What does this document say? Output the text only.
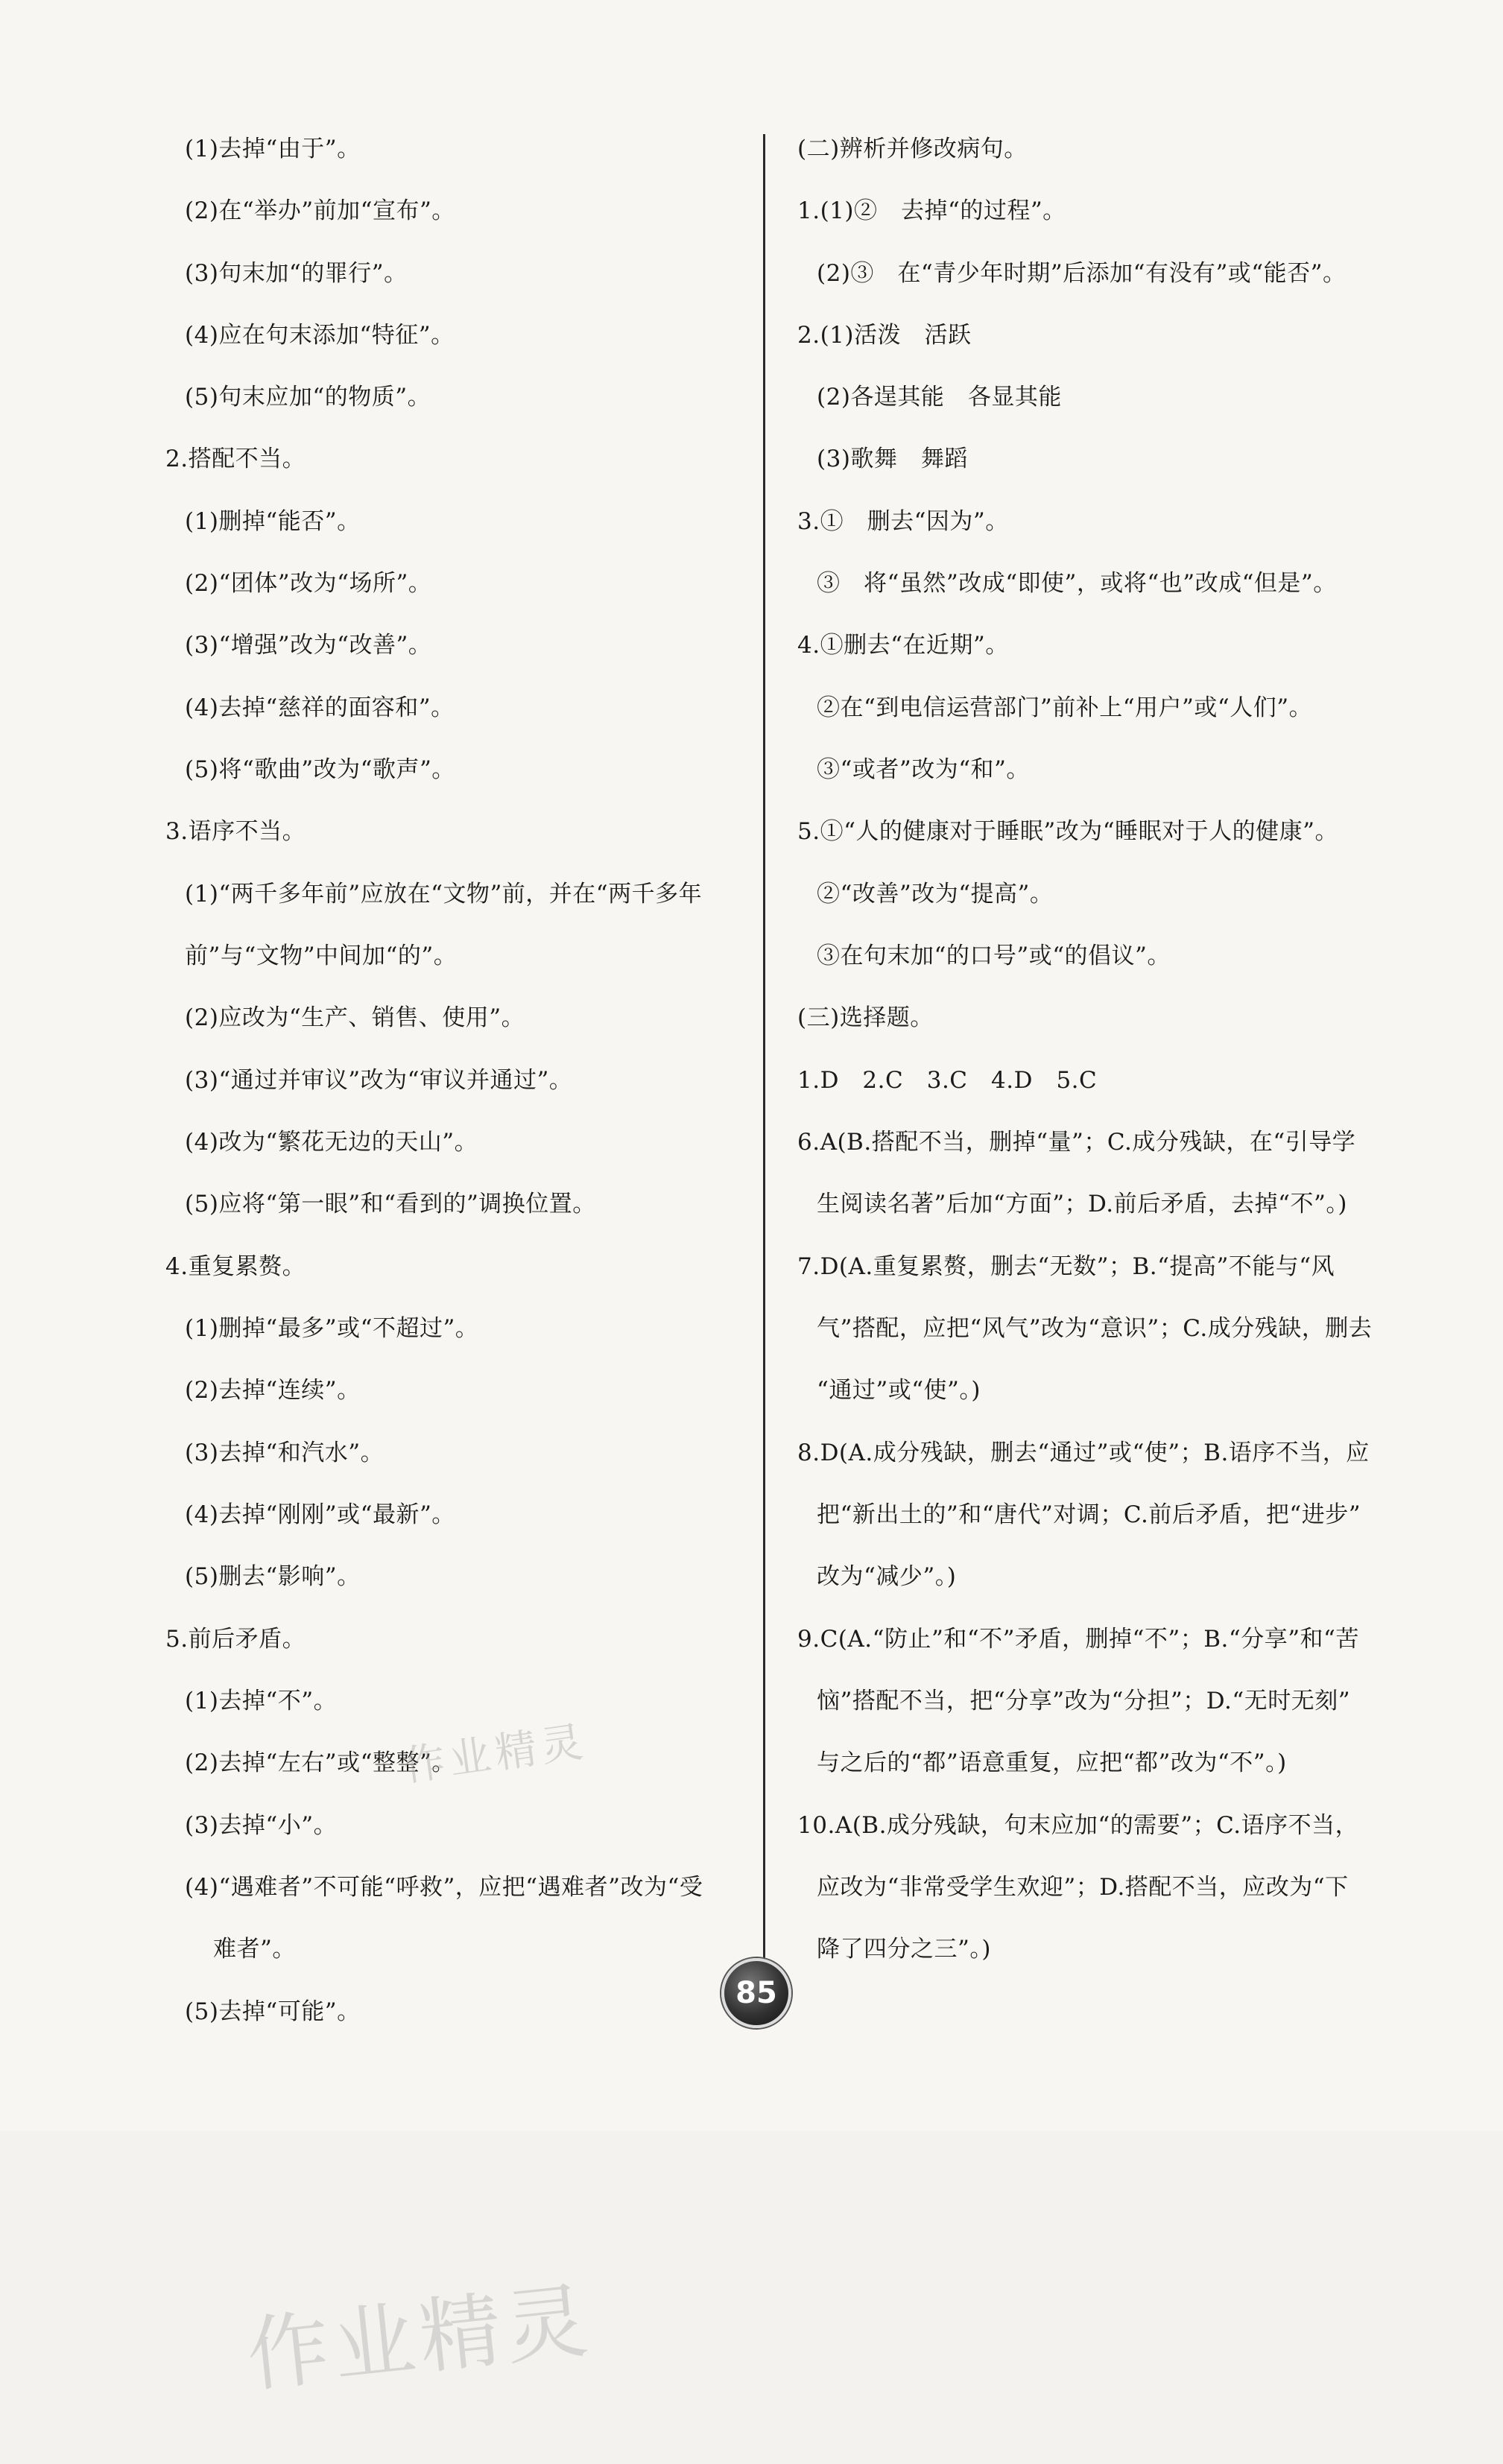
(1)去掉“由于”。
(2)在“举办”前加“宣布”。
(3)句末加“的罪行”。
(4)应在句末添加“特征”。
(5)句末应加“的物质”。
2.搭配不当。
(1)删掉“能否”。
(2)“团体”改为“场所”。
(3)“增强”改为“改善”。
(4)去掉“慈祥的面容和”。
(5)将“歌曲”改为“歌声”。
3.语序不当。
(1)“两千多年前”应放在“文物”前，并在“两千多年
前”与“文物”中间加“的”。
(2)应改为“生产、销售、使用”。
(3)“通过并审议”改为“审议并通过”。
(4)改为“繁花无边的天山”。
(5)应将“第一眼”和“看到的”调换位置。
4.重复累赘。
(1)删掉“最多”或“不超过”。
(2)去掉“连续”。
(3)去掉“和汽水”。
(4)去掉“刚刚”或“最新”。
(5)删去“影响”。
5.前后矛盾。
(1)去掉“不”。
(2)去掉“左右”或“整整”。
(3)去掉“小”。
(4)“遇难者”不可能“呼救”，应把“遇难者”改为“受
难者”。
(5)去掉“可能”。
(二)辨析并修改病句。
1.(1)②　去掉“的过程”。
(2)③　在“青少年时期”后添加“有没有”或“能否”。
2.(1)活泼　活跃
(2)各逞其能　各显其能
(3)歌舞　舞蹈
3.①　删去“因为”。
③　将“虽然”改成“即使”，或将“也”改成“但是”。
4.①删去“在近期”。
②在“到电信运营部门”前补上“用户”或“人们”。
③“或者”改为“和”。
5.①“人的健康对于睡眠”改为“睡眠对于人的健康”。
②“改善”改为“提高”。
③在句末加“的口号”或“的倡议”。
(三)选择题。
1.D　2.C　3.C　4.D　5.C
6.A(B.搭配不当，删掉“量”；C.成分残缺，在“引导学
生阅读名著”后加“方面”；D.前后矛盾，去掉“不”。)
7.D(A.重复累赘，删去“无数”；B.“提高”不能与“风
气”搭配，应把“风气”改为“意识”；C.成分残缺，删去
“通过”或“使”。)
8.D(A.成分残缺，删去“通过”或“使”；B.语序不当，应
把“新出土的”和“唐代”对调；C.前后矛盾，把“进步”
改为“减少”。)
9.C(A.“防止”和“不”矛盾，删掉“不”；B.“分享”和“苦
恼”搭配不当，把“分享”改为“分担”；D.“无时无刻”
与之后的“都”语意重复，应把“都”改为“不”。)
10.A(B.成分残缺，句末应加“的需要”；C.语序不当，
应改为“非常受学生欢迎”；D.搭配不当，应改为“下
降了四分之三”。)
作业精灵
85
作业精灵
